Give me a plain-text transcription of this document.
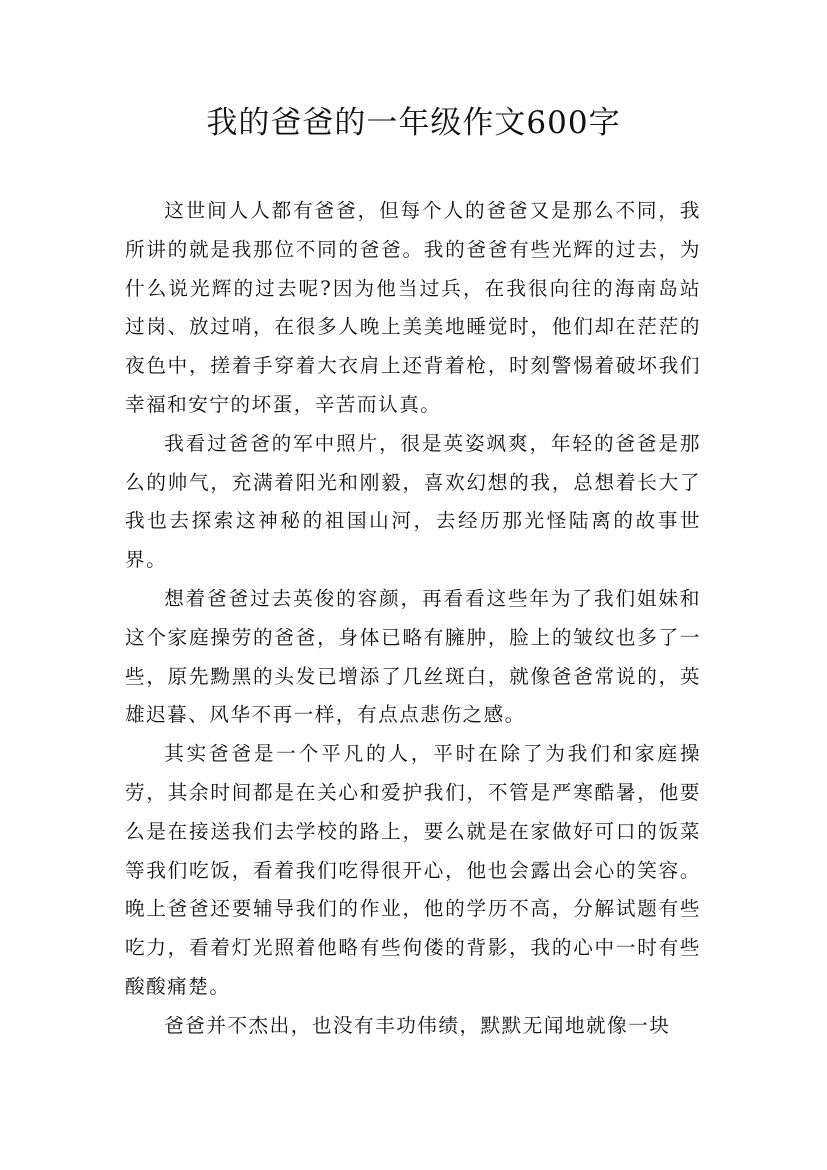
我的爸爸的一年级作文600字

这世间人人都有爸爸，但每个人的爸爸又是那么不同，我所讲的就是我那位不同的爸爸。我的爸爸有些光辉的过去，为什么说光辉的过去呢?因为他当过兵，在我很向往的海南岛站过岗、放过哨，在很多人晚上美美地睡觉时，他们却在茫茫的夜色中，搓着手穿着大衣肩上还背着枪，时刻警惕着破坏我们幸福和安宁的坏蛋，辛苦而认真。

我看过爸爸的军中照片，很是英姿飒爽，年轻的爸爸是那么的帅气，充满着阳光和刚毅，喜欢幻想的我，总想着长大了我也去探索这神秘的祖国山河，去经历那光怪陆离的故事世界。

想着爸爸过去英俊的容颜，再看看这些年为了我们姐妹和这个家庭操劳的爸爸，身体已略有臃肿，脸上的皱纹也多了一些，原先黝黑的头发已增添了几丝斑白，就像爸爸常说的，英雄迟暮、风华不再一样，有点点悲伤之感。

其实爸爸是一个平凡的人，平时在除了为我们和家庭操劳，其余时间都是在关心和爱护我们，不管是严寒酷暑，他要么是在接送我们去学校的路上，要么就是在家做好可口的饭菜等我们吃饭，看着我们吃得很开心，他也会露出会心的笑容。晚上爸爸还要辅导我们的作业，他的学历不高，分解试题有些吃力，看着灯光照着他略有些佝偻的背影，我的心中一时有些酸酸痛楚。

爸爸并不杰出，也没有丰功伟绩，默默无闻地就像一块
